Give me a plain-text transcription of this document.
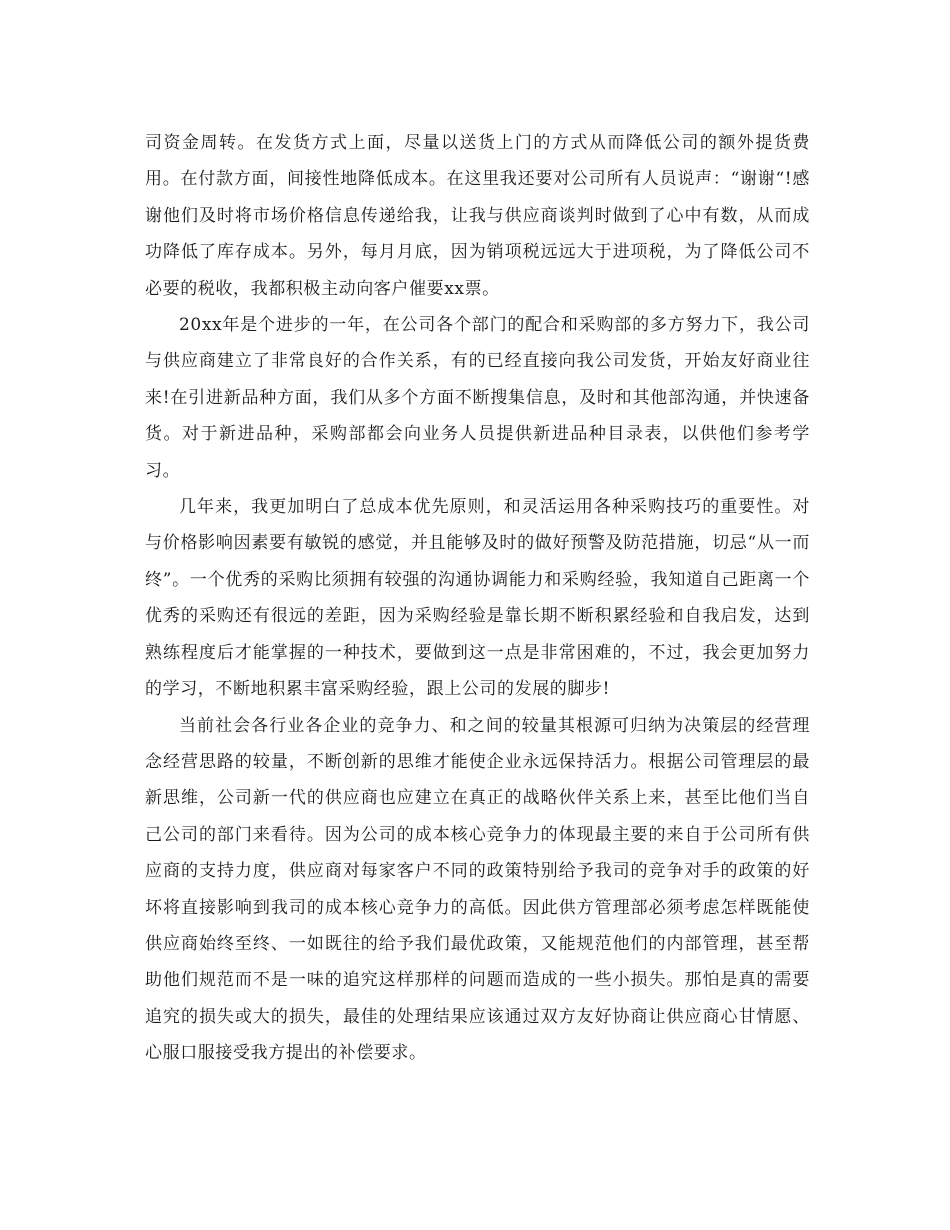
司资金周转。在发货方式上面，尽量以送货上门的方式从而降低公司的额外提货费用。在付款方面，间接性地降低成本。在这里我还要对公司所有人员说声：“谢谢“!感谢他们及时将市场价格信息传递给我，让我与供应商谈判时做到了心中有数，从而成功降低了库存成本。另外，每月月底，因为销项税远远大于进项税，为了降低公司不必要的税收，我都积极主动向客户催要xx票。

20xx年是个进步的一年，在公司各个部门的配合和采购部的多方努力下，我公司与供应商建立了非常良好的合作关系，有的已经直接向我公司发货，开始友好商业往来!在引进新品种方面，我们从多个方面不断搜集信息，及时和其他部沟通，并快速备货。对于新进品种，采购部都会向业务人员提供新进品种目录表，以供他们参考学习。

几年来，我更加明白了总成本优先原则，和灵活运用各种采购技巧的重要性。对与价格影响因素要有敏锐的感觉，并且能够及时的做好预警及防范措施，切忌“从一而终”。一个优秀的采购比须拥有较强的沟通协调能力和采购经验，我知道自己距离一个优秀的采购还有很远的差距，因为采购经验是靠长期不断积累经验和自我启发，达到熟练程度后才能掌握的一种技术，要做到这一点是非常困难的，不过，我会更加努力的学习，不断地积累丰富采购经验，跟上公司的发展的脚步!

当前社会各行业各企业的竞争力、和之间的较量其根源可归纳为决策层的经营理念经营思路的较量，不断创新的思维才能使企业永远保持活力。根据公司管理层的最新思维，公司新一代的供应商也应建立在真正的战略伙伴关系上来，甚至比他们当自己公司的部门来看待。因为公司的成本核心竞争力的体现最主要的来自于公司所有供应商的支持力度，供应商对每家客户不同的政策特别给予我司的竞争对手的政策的好坏将直接影响到我司的成本核心竞争力的高低。因此供方管理部必须考虑怎样既能使供应商始终至终、一如既往的给予我们最优政策，又能规范他们的内部管理，甚至帮助他们规范而不是一味的追究这样那样的问题而造成的一些小损失。那怕是真的需要追究的损失或大的损失，最佳的处理结果应该通过双方友好协商让供应商心甘情愿、心服口服接受我方提出的补偿要求。
